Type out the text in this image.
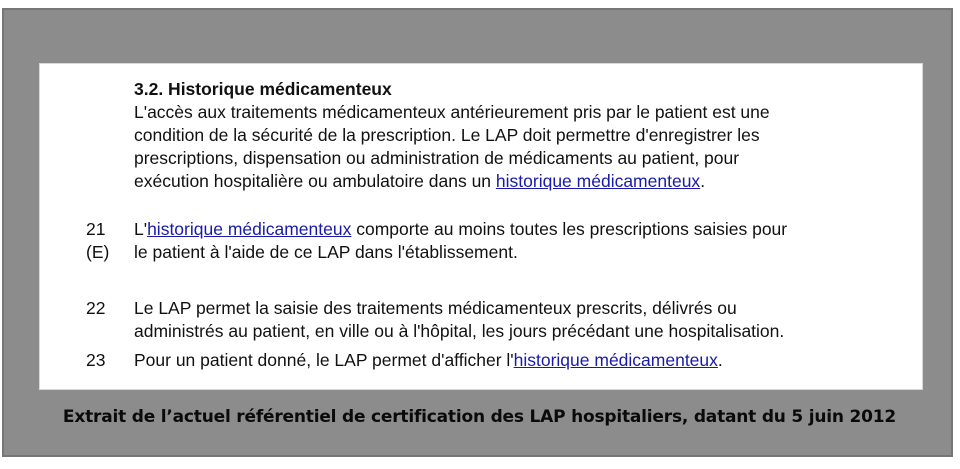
3.2. Historique médicamenteux
L'accès aux traitements médicamenteux antérieurement pris par le patient est une
condition de la sécurité de la prescription. Le LAP doit permettre d'enregistrer les
prescriptions, dispensation ou administration de médicaments au patient, pour
exécution hospitalière ou ambulatoire dans un historique médicamenteux.
21
(E)
L'historique médicamenteux comporte au moins toutes les prescriptions saisies pour
le patient à l'aide de ce LAP dans l'établissement.
22 Le LAP permet la saisie des traitements médicamenteux prescrits, délivrés ou
administrés au patient, en ville ou à l'hôpital, les jours précédant une hospitalisation.
23 Pour un patient donné, le LAP permet d'afficher l'historique médicamenteux.
Extrait de l’actuel référentiel de certification des LAP hospitaliers, datant du 5 juin 2012
